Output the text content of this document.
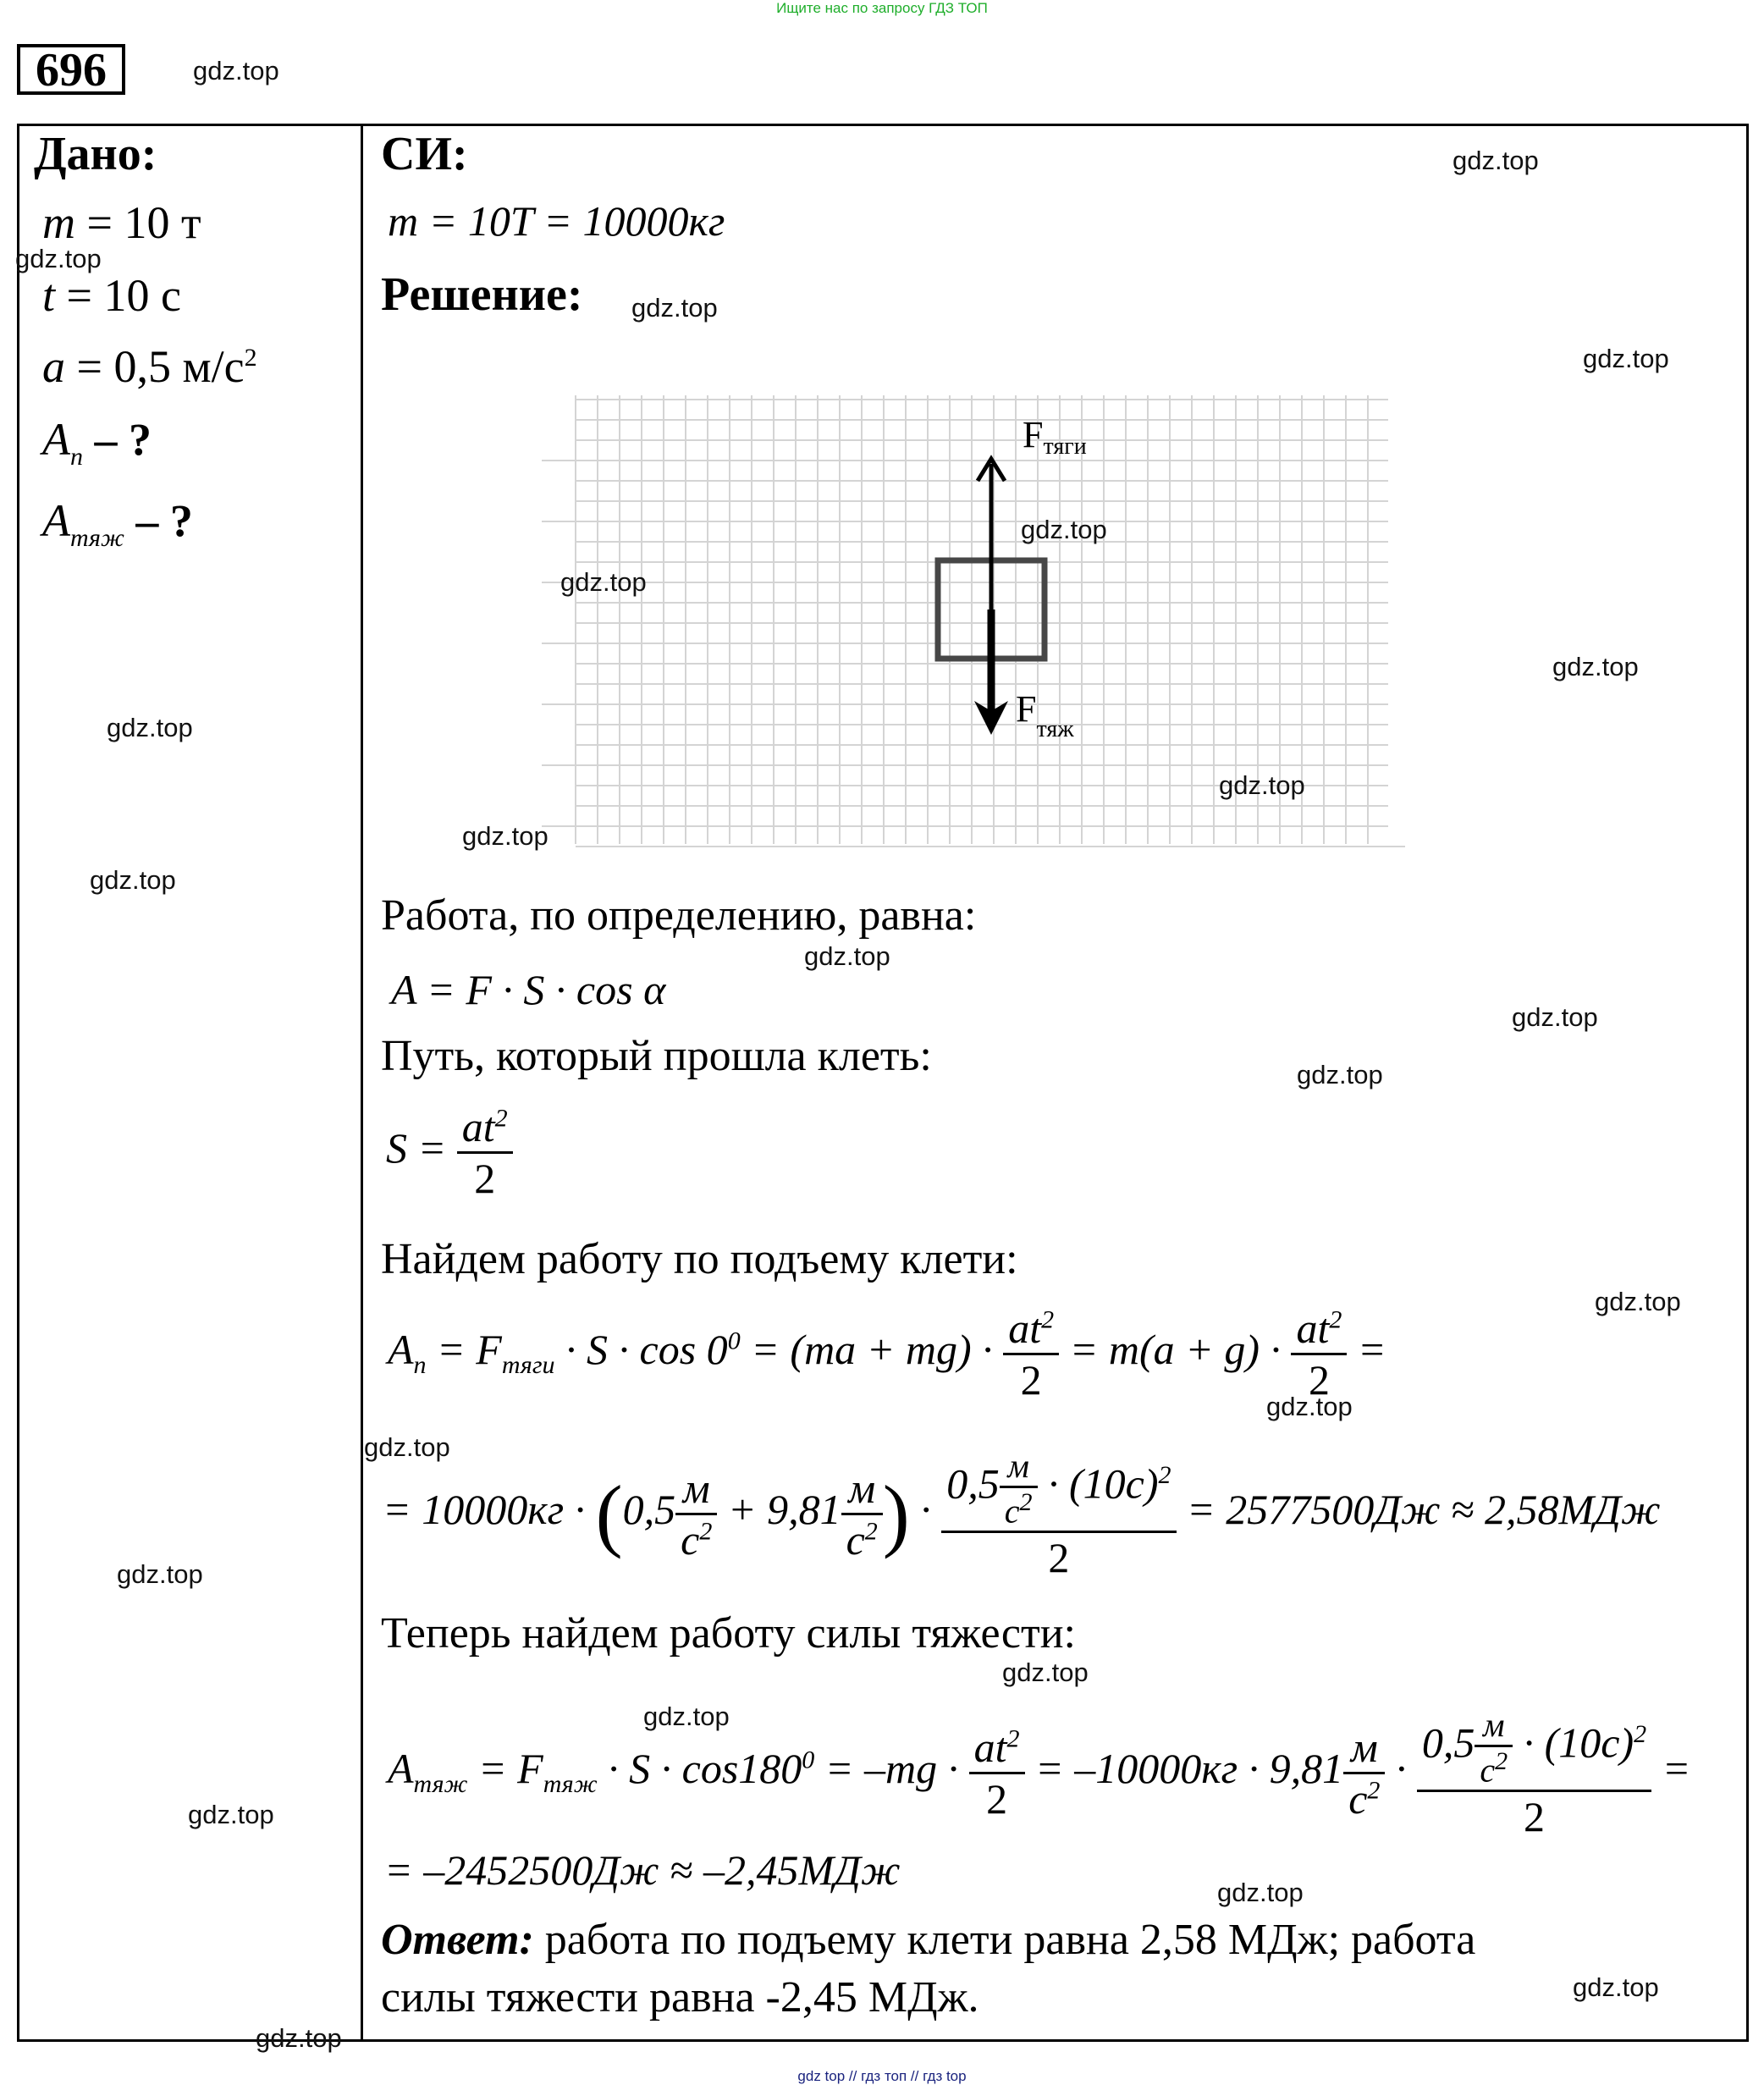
Ищите нас по запросу ГДЗ ТОП
696
Дано:
m = 10 т
t = 10 с
a = 0,5 $м/с^2$
$A_n$ – ?
$A_{тяж}$ – ?
СИ:
m = 10T = 10000кг
Решение:
Fтяги
$F_{тяж}$
Работа, по определению, равна:
A = F · S · cos α
Путь, который прошла клеть:
$S = \frac{at^2}{2}$
Найдем работу по подъему клети:
$A_n = F_{тяги} \cdot S \cdot \cos 0^0 = (ma + mg) \cdot \frac{at^2}{2} = m(a + g) \cdot \frac{at^2}{2}$ =
= $10000кг \cdot (0,5 \frac{м}{c^2} + 9,81 \frac{м}{c^2}$ ) · $\frac{0,5 \frac{м}{c^2} \cdot (10c)^2}{2} = 2577500Дж \approx 2,58МДж$
Теперь найдем работу силы тяжести:
$A_{тяж} = F_{тяж} \cdot S \cdot \cos 180^0 = -mg \cdot \frac{at^2}{2} = -10000кг \cdot 9,81 \frac{м}{c^2} \cdot \frac{0,5 \frac{м}{c^2} \cdot (10c)^2}{2}$ =
= –2452500Дж ≈ –2,45МДж
Ответ: работа по подъему клети равна 2,58 МДж; работа
силы тяжести равна -2,45 МДж.
gdz.top
gdz.top
gdz.top
gdz.top
gdz.top
gdz.top
gdz.top
gdz.top
gdz.top
gdz.top
gdz.top
gdz.top
gdz.top
gdz.top
gdz.top
gdz.top
gdz.top
gdz.top
gdz.top
gdz.top
gdz.top
gdz.top
gdz.top
gdz.top
gdz.top
gdz top // гдз топ // гдз top
